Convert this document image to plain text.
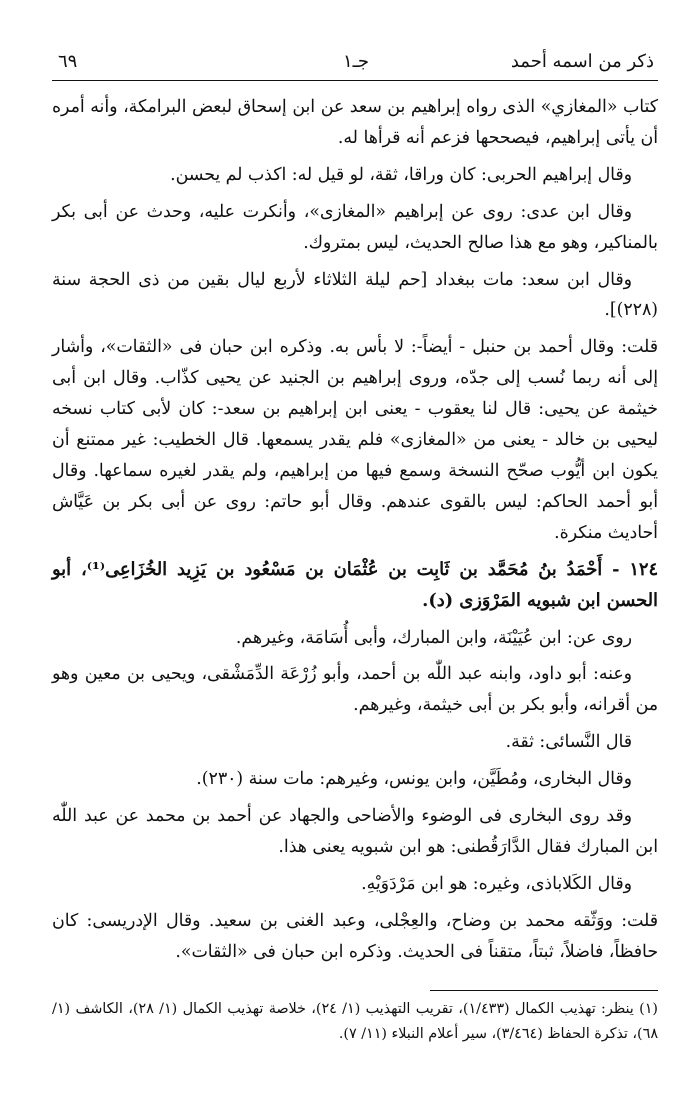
ذكر من اسمه أحمد
جـ١
٦٩

كتاب «المغازي» الذى رواه إبراهيم بن سعد عن ابن إسحاق لبعض البرامكة، وأنه أمره أن يأتى إبراهيم، فيصححها فزعم أنه قرأها له.

وقال إبراهيم الحربى: كان وراقا، ثقة، لو قيل له: اكذب لم يحسن.

وقال ابن عدى: روى عن إبراهيم «المغازى»، وأنكرت عليه، وحدث عن أبى بكر بالمناكير، وهو مع هذا صالح الحديث، ليس بمتروك.

وقال ابن سعد: مات ببغداد [حم ليلة الثلاثاء لأربع ليال بقين من ذى الحجة سنة (٢٢٨)].

قلت: وقال أحمد بن حنبل - أيضاً-: لا بأس به. وذكره ابن حبان فى «الثقات»، وأشار إلى أنه ربما نُسب إلى جدّه، وروى إبراهيم بن الجنيد عن يحيى كذّاب. وقال ابن أبى خيثمة عن يحيى: قال لنا يعقوب - يعنى ابن إبراهيم بن سعد-: كان لأبى كتاب نسخه ليحيى بن خالد - يعنى من «المغازى» فلم يقدر يسمعها. قال الخطيب: غير ممتنع أن يكون ابن أيُّوب صحّح النسخة وسمع فيها من إبراهيم، ولم يقدر لغيره سماعها. وقال أبو أحمد الحاكم: ليس بالقوى عندهم. وقال أبو حاتم: روى عن أبى بكر بن عَيَّاش أحاديث منكرة.

١٢٤ - أَحْمَدُ بنُ مُحَمَّد بن ثَابِت بن عُثْمَان بن مَسْعُود بن يَزِيد الخُزَاعِى⁽¹⁾، أبو الحسن ابن شبويه المَرْوَزى (د).

روى عن: ابن عُيَيْنَة، وابن المبارك، وأبى أُسَامَة، وغيرهم.

وعنه: أبو داود، وابنه عبد اللّٰه بن أحمد، وأبو زُرْعَة الدِّمَشْقى، ويحيى بن معين وهو من أقرانه، وأبو بكر بن أبى خيثمة، وغيرهم.

قال النَّسائى: ثقة.

وقال البخارى، ومُطَيَّن، وابن يونس، وغيرهم: مات سنة (٢٣٠).

وقد روى البخارى فى الوضوء والأضاحى والجهاد عن أحمد بن محمد عن عبد اللّٰه ابن المبارك فقال الدَّارَقُطنى: هو ابن شبويه يعنى هذا.

وقال الكَلاباذى، وغيره: هو ابن مَرْدَوَيْهِ.

قلت: ووَثّقه محمد بن وضاح، والعِجْلى، وعبد الغنى بن سعيد. وقال الإدريسى: كان حافظاً، فاضلاً، ثبتاً، متقناً فى الحديث. وذكره ابن حبان فى «الثقات».

(١) ينظر: تهذيب الكمال (١/٤٣٣)، تقريب التهذيب (١/ ٢٤)، خلاصة تهذيب الكمال (١/ ٢٨)، الكاشف (١/ ٦٨)، تذكرة الحفاظ (٣/٤٦٤)، سير أعلام النبلاء (١١/ ٧).
